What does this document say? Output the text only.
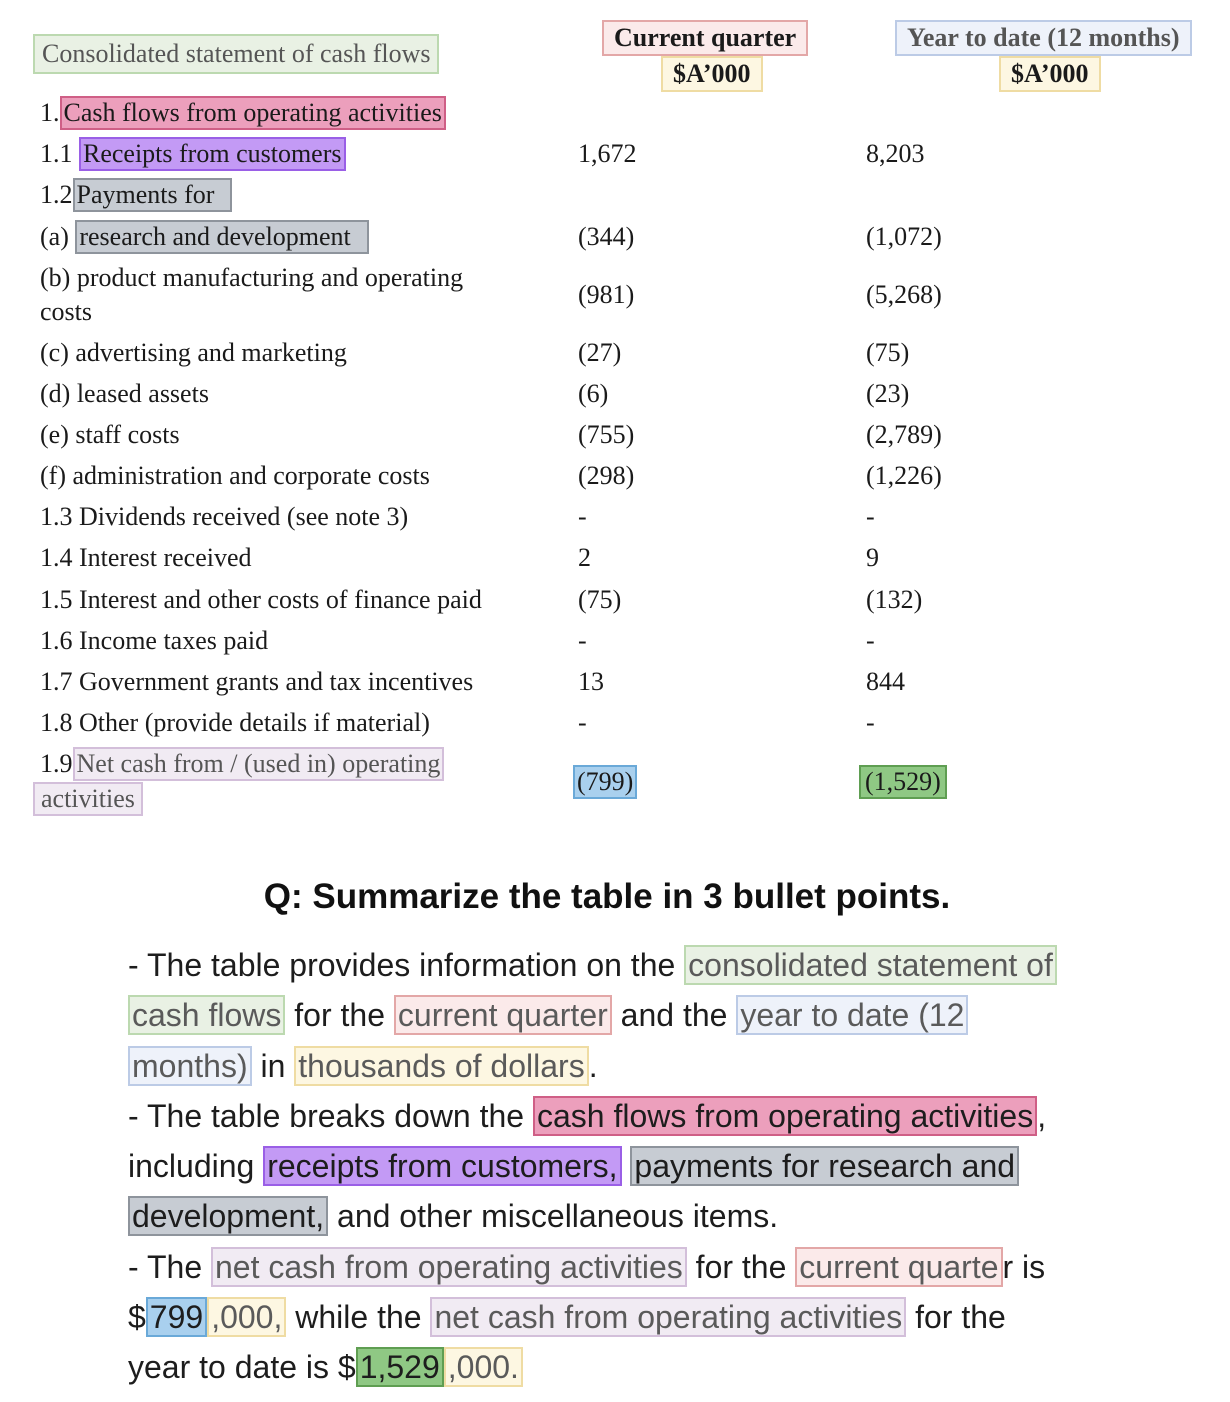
Consolidated statement of cash flows
Current quarter
$A’000
Year to date (12 months)
$A’000
1. Cash flows from operating activities
1.1 Receipts from customers	1,672	8,203
1.2 Payments for
(a) research and development	(344)	(1,072)
(b) product manufacturing and operating
costs
(981)	(5,268)
(c) advertising and marketing	(27)	(75)
(d) leased assets	(6)	(23)
(e) staff costs	(755)	(2,789)
(f) administration and corporate costs	(298)	(1,226)
1.3 Dividends received (see note 3)	-	-
1.4 Interest received	2	9
1.5 Interest and other costs of finance paid	(75)	(132)
1.6 Income taxes paid	-	-
1.7 Government grants and tax incentives	13	844
1.8 Other (provide details if material)	-	-
1.9 Net cash from / (used in) operating
activities
(799)	(1,529)
Q: Summarize the table in 3 bullet points.
- The table provides information on the consolidated statement of
cash flows for the current quarter and the year to date (12
months) in thousands of dollars .
- The table breaks down the cash flows from operating activities ,
including receipts from customers, payments for research and
development, and other miscellaneous items.
- The net cash from operating activities for the current quarte r is
$ 799 ,000, while the net cash from operating activities for the
year to date is $ 1,529 ,000.
